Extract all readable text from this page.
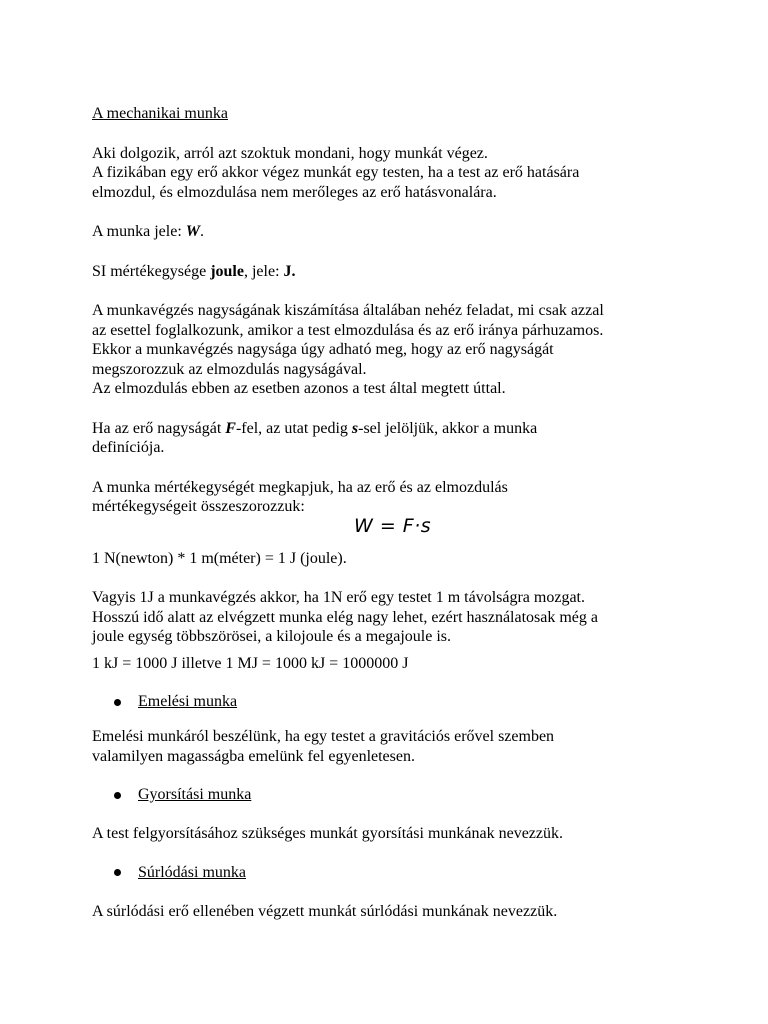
A mechanikai munka

Aki dolgozik, arról azt szoktuk mondani, hogy munkát végez.
A fizikában egy erő akkor végez munkát egy testen, ha a test az erő hatására
elmozdul, és elmozdulása nem merőleges az erő hatásvonalára.

A munka jele: W.

SI mértékegysége joule, jele: J.

A munkavégzés nagyságának kiszámítása általában nehéz feladat, mi csak azzal
az esettel foglalkozunk, amikor a test elmozdulása és az erő iránya párhuzamos.
Ekkor a munkavégzés nagysága úgy adható meg, hogy az erő nagyságát
megszorozzuk az elmozdulás nagyságával.
Az elmozdulás ebben az esetben azonos a test által megtett úttal.

Ha az erő nagyságát F-fel, az utat pedig s-sel jelöljük, akkor a munka
definíciója.

A munka mértékegységét megkapjuk, ha az erő és az elmozdulás
mértékegységeit összeszorozzuk:

W = F·s

1 N(newton) * 1 m(méter) = 1 J (joule).

Vagyis 1J a munkavégzés akkor, ha 1N erő egy testet 1 m távolságra mozgat.
Hosszú idő alatt az elvégzett munka elég nagy lehet, ezért használatosak még a
joule egység többszörösei, a kilojoule és a megajoule is.

1 kJ = 1000 J illetve 1 MJ = 1000 kJ = 1000000 J

Emelési munka

Emelési munkáról beszélünk, ha egy testet a gravitációs erővel szemben
valamilyen magasságba emelünk fel egyenletesen.

Gyorsítási munka

A test felgyorsításához szükséges munkát gyorsítási munkának nevezzük.

Súrlódási munka

A súrlódási erő ellenében végzett munkát súrlódási munkának nevezzük.
